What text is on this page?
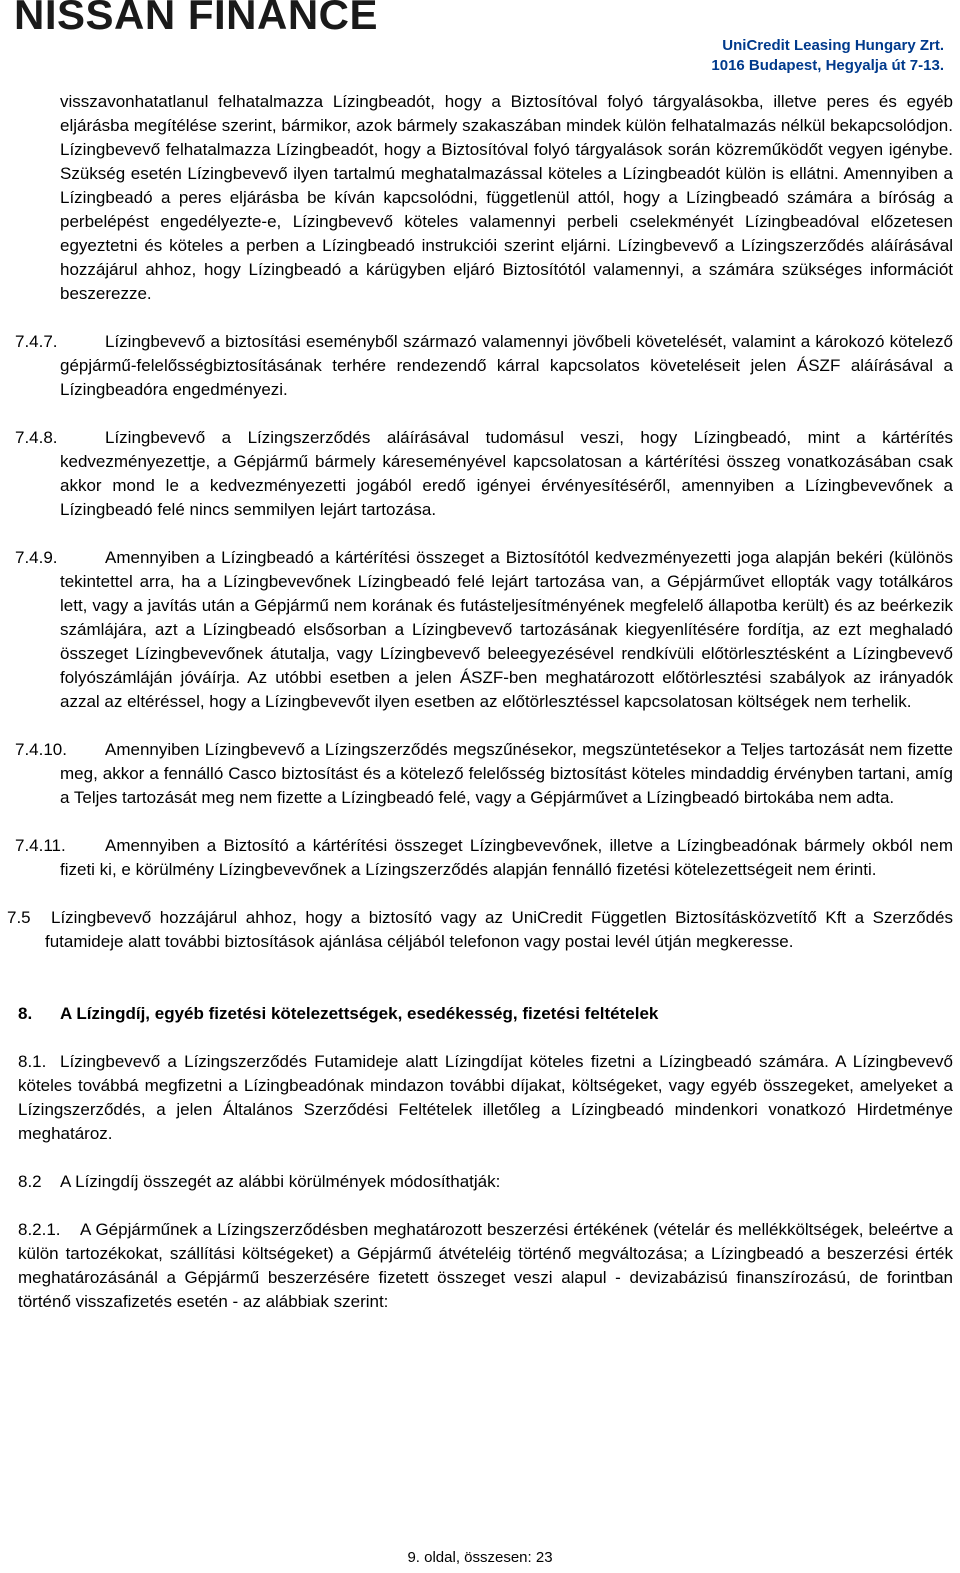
NISSAN FINANCE
UniCredit Leasing Hungary Zrt.
1016 Budapest, Hegyalja út 7-13.

visszavonhatatlanul felhatalmazza Lízingbeadót, hogy a Biztosítóval folyó tárgyalásokba, illetve peres és egyéb eljárásba megítélése szerint, bármikor, azok bármely szakaszában mindek külön felhatalmazás nélkül bekapcsolódjon. Lízingbevevő felhatalmazza Lízingbeadót, hogy a Biztosítóval folyó tárgyalások során közreműködőt vegyen igénybe. Szükség esetén Lízingbevevő ilyen tartalmú meghatalmazással köteles a Lízingbeadót külön is ellátni. Amennyiben a Lízingbeadó a peres eljárásba be kíván kapcsolódni, függetlenül attól, hogy a Lízingbeadó számára a bíróság a perbelépést engedélyezte-e, Lízingbevevő köteles valamennyi perbeli cselekményét Lízingbeadóval előzetesen egyeztetni és köteles a perben a Lízingbeadó instrukciói szerint eljárni. Lízingbevevő a Lízingszerződés aláírásával hozzájárul ahhoz, hogy Lízingbeadó a kárügyben eljáró Biztosítótól valamennyi, a számára szükséges információt beszerezze.

7.4.7.	Lízingbevevő a biztosítási eseményből származó valamennyi jövőbeli követelését, valamint a károkozó kötelező gépjármű-felelősségbiztosításának terhére rendezendő kárral kapcsolatos követeléseit jelen ÁSZF aláírásával a Lízingbeadóra engedményezi.

7.4.8.	Lízingbevevő a Lízingszerződés aláírásával tudomásul veszi, hogy Lízingbeadó, mint a kártérítés kedvezményezettje, a Gépjármű bármely káreseményével kapcsolatosan a kártérítési összeg vonatkozásában csak akkor mond le a kedvezményezetti jogából eredő igényei érvényesítéséről, amennyiben a Lízingbevevőnek a Lízingbeadó felé nincs semmilyen lejárt tartozása.

7.4.9.	Amennyiben a Lízingbeadó a kártérítési összeget a Biztosítótól kedvezményezetti joga alapján bekéri (különös tekintettel arra, ha a Lízingbevevőnek Lízingbeadó felé lejárt tartozása van, a Gépjárművet ellopták vagy totálkáros lett, vagy a javítás után a Gépjármű nem korának és futásteljesítményének megfelelő állapotba került) és az beérkezik számlájára, azt a Lízingbeadó elsősorban a Lízingbevevő tartozásának kiegyenlítésére fordítja, az ezt meghaladó összeget Lízingbevevőnek átutalja, vagy Lízingbevevő beleegyezésével rendkívüli előtörlesztésként a Lízingbevevő folyószámláján jóváírja. Az utóbbi esetben a jelen ÁSZF-ben meghatározott előtörlesztési szabályok az irányadók azzal az eltéréssel, hogy a Lízingbevevőt ilyen esetben az előtörlesztéssel kapcsolatosan költségek nem terhelik.

7.4.10. Amennyiben Lízingbevevő a Lízingszerződés megszűnésekor, megszüntetésekor a Teljes tartozását nem fizette meg, akkor a fennálló Casco biztosítást és a kötelező felelősség biztosítást köteles mindaddig érvényben tartani, amíg a Teljes tartozását meg nem fizette a Lízingbeadó felé, vagy a Gépjárművet a Lízingbeadó birtokába nem adta.

7.4.11. Amennyiben a Biztosító a kártérítési összeget Lízingbevevőnek, illetve a Lízingbeadónak bármely okból nem fizeti ki, e körülmény Lízingbevevőnek a Lízingszerződés alapján fennálló fizetési kötelezettségeit nem érinti.

7.5 Lízingbevevő hozzájárul ahhoz, hogy a biztosító vagy az UniCredit Független Biztosításközvetítő Kft a Szerződés futamideje alatt további biztosítások ajánlása céljából telefonon vagy postai levél útján megkeresse.

8. A Lízingdíj, egyéb fizetési kötelezettségek, esedékesség, fizetési feltételek

8.1. Lízingbevevő a Lízingszerződés Futamideje alatt Lízingdíjat köteles fizetni a Lízingbeadó számára. A Lízingbevevő köteles továbbá megfizetni a Lízingbeadónak mindazon további díjakat, költségeket, vagy egyéb összegeket, amelyeket a Lízingszerződés, a jelen Általános Szerződési Feltételek illetőleg a Lízingbeadó mindenkori vonatkozó Hirdetménye meghatároz.

8.2 A Lízingdíj összegét az alábbi körülmények módosíthatják:

8.2.1. A Gépjárműnek a Lízingszerződésben meghatározott beszerzési értékének (vételár és mellékköltségek, beleértve a külön tartozékokat, szállítási költségeket) a Gépjármű átvételéig történő megváltozása; a Lízingbeadó a beszerzési érték meghatározásánál a Gépjármű beszerzésére fizetett összeget veszi alapul - devizabázisú finanszírozású, de forintban történő visszafizetés esetén - az alábbiak szerint:

9. oldal, összesen: 23
